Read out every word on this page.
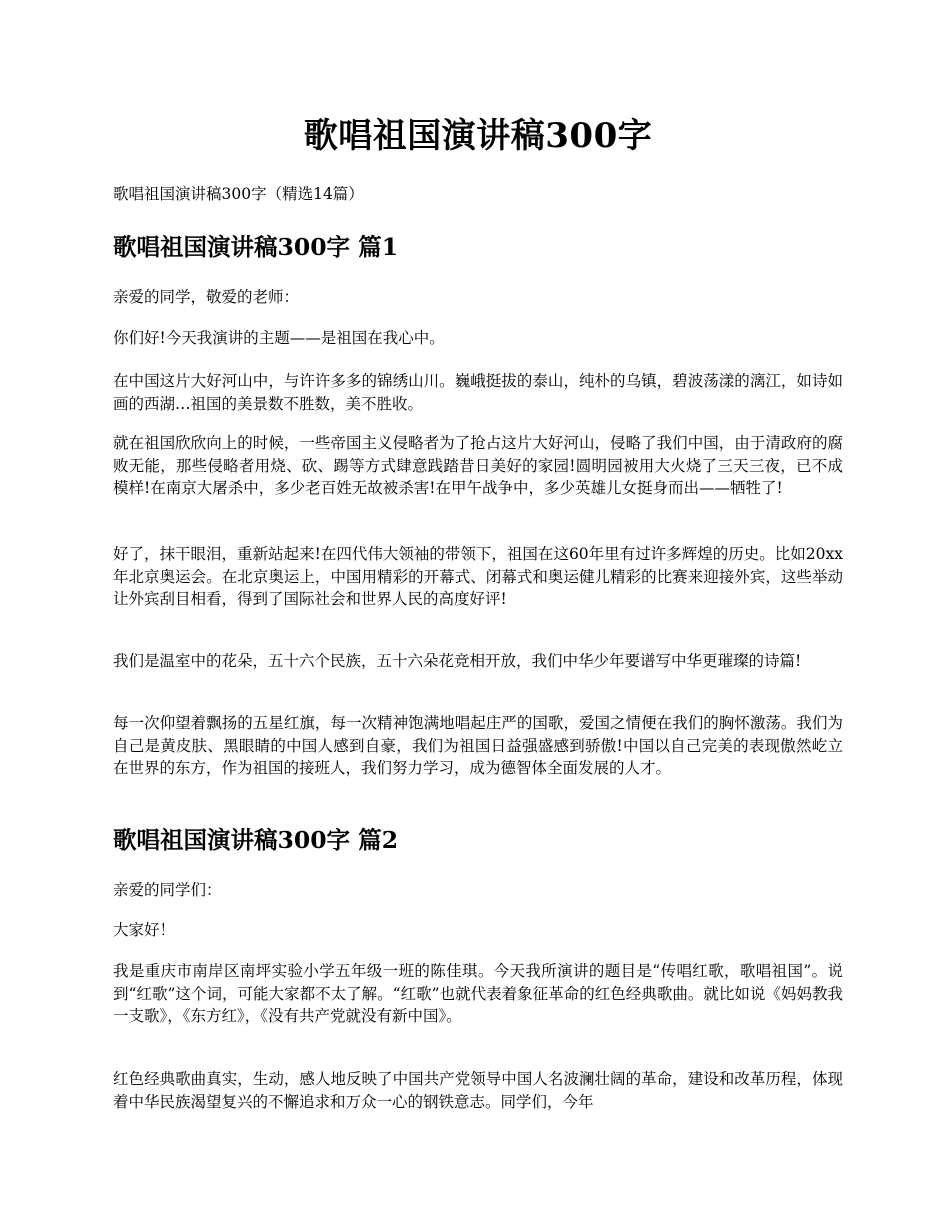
歌唱祖国演讲稿300字

歌唱祖国演讲稿300字（精选14篇）

歌唱祖国演讲稿300字 篇1

亲爱的同学，敬爱的老师：

你们好!今天我演讲的主题——是祖国在我心中。

在中国这片大好河山中，与许许多多的锦绣山川。巍峨挺拔的泰山，纯朴的乌镇，碧波荡漾的漓江，如诗如画的西湖…祖国的美景数不胜数，美不胜收。

就在祖国欣欣向上的时候，一些帝国主义侵略者为了抢占这片大好河山，侵略了我们中国，由于清政府的腐败无能，那些侵略者用烧、砍、踢等方式肆意践踏昔日美好的家园!圆明园被用大火烧了三天三夜，已不成模样!在南京大屠杀中，多少老百姓无故被杀害!在甲午战争中，多少英雄儿女挺身而出——牺牲了!

好了，抹干眼泪，重新站起来!在四代伟大领袖的带领下，祖国在这60年里有过许多辉煌的历史。比如20xx年北京奥运会。在北京奥运上，中国用精彩的开幕式、闭幕式和奥运健儿精彩的比赛来迎接外宾，这些举动让外宾刮目相看，得到了国际社会和世界人民的高度好评!

我们是温室中的花朵，五十六个民族，五十六朵花竞相开放，我们中华少年要谱写中华更璀璨的诗篇!

每一次仰望着飘扬的五星红旗，每一次精神饱满地唱起庄严的国歌，爱国之情便在我们的胸怀激荡。我们为自己是黄皮肤、黑眼睛的中国人感到自豪，我们为祖国日益强盛感到骄傲!中国以自己完美的表现傲然屹立在世界的东方，作为祖国的接班人，我们努力学习，成为德智体全面发展的人才。

歌唱祖国演讲稿300字 篇2

亲爱的同学们：

大家好！

我是重庆市南岸区南坪实验小学五年级一班的陈佳琪。今天我所演讲的题目是“传唱红歌，歌唱祖国”。说到“红歌”这个词，可能大家都不太了解。“红歌”也就代表着象征革命的红色经典歌曲。就比如说《妈妈教我一支歌》，《东方红》，《没有共产党就没有新中国》。

红色经典歌曲真实，生动，感人地反映了中国共产党领导中国人名波澜壮阔的革命，建设和改革历程，体现着中华民族渴望复兴的不懈追求和万众一心的钢铁意志。同学们，今年
